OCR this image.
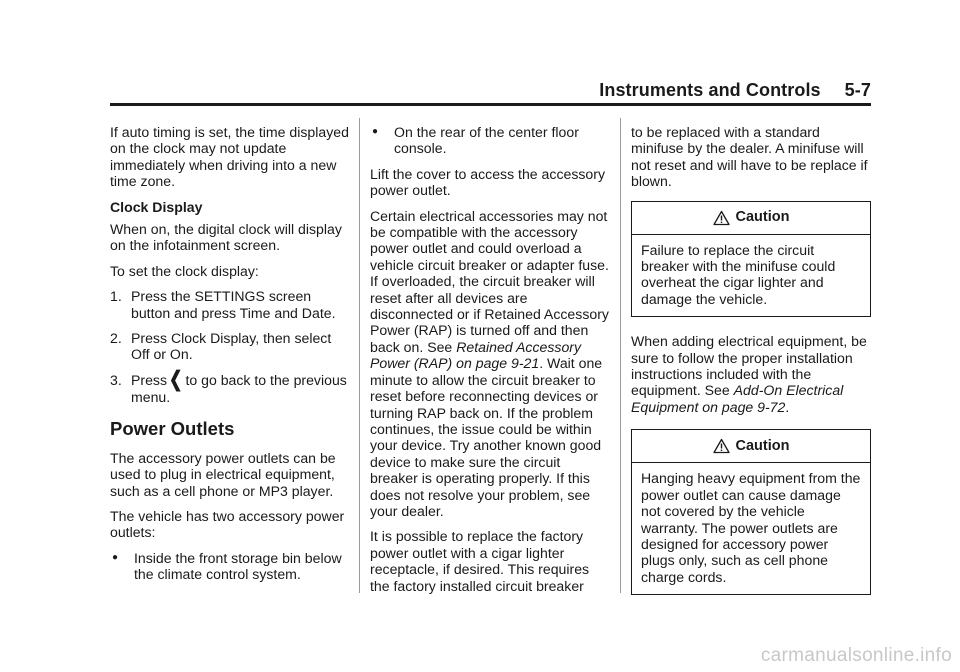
Instruments and Controls 5-7

If auto timing is set, the time displayed on the clock may not update immediately when driving into a new time zone.

Clock Display

When on, the digital clock will display on the infotainment screen.

To set the clock display:

1. Press the SETTINGS screen button and press Time and Date.
2. Press Clock Display, then select Off or On.
3. Press ❮ to go back to the previous menu.
Power Outlets

The accessory power outlets can be used to plug in electrical equipment, such as a cell phone or MP3 player.

The vehicle has two accessory power outlets:

●	Inside the front storage bin below the climate control system.
●	On the rear of the center floor console.

Lift the cover to access the accessory power outlet.

Certain electrical accessories may not be compatible with the accessory power outlet and could overload a vehicle circuit breaker or adapter fuse. If overloaded, the circuit breaker will reset after all devices are disconnected or if Retained Accessory Power (RAP) is turned off and then back on. See Retained Accessory Power (RAP) on page 9-21. Wait one minute to allow the circuit breaker to reset before reconnecting devices or turning RAP back on. If the problem continues, the issue could be within your device. Try another known good device to make sure the circuit breaker is operating properly. If this does not resolve your problem, see your dealer.

It is possible to replace the factory power outlet with a cigar lighter receptacle, if desired. This requires the factory installed circuit breaker

to be replaced with a standard minifuse by the dealer. A minifuse will not reset and will have to be replace if blown.

Caution
Failure to replace the circuit breaker with the minifuse could overheat the cigar lighter and damage the vehicle.

When adding electrical equipment, be sure to follow the proper installation instructions included with the equipment. See Add-On Electrical Equipment on page 9-72.

Caution
Hanging heavy equipment from the power outlet can cause damage not covered by the vehicle warranty. The power outlets are designed for accessory power plugs only, such as cell phone charge cords.
carmanualsonline.info
